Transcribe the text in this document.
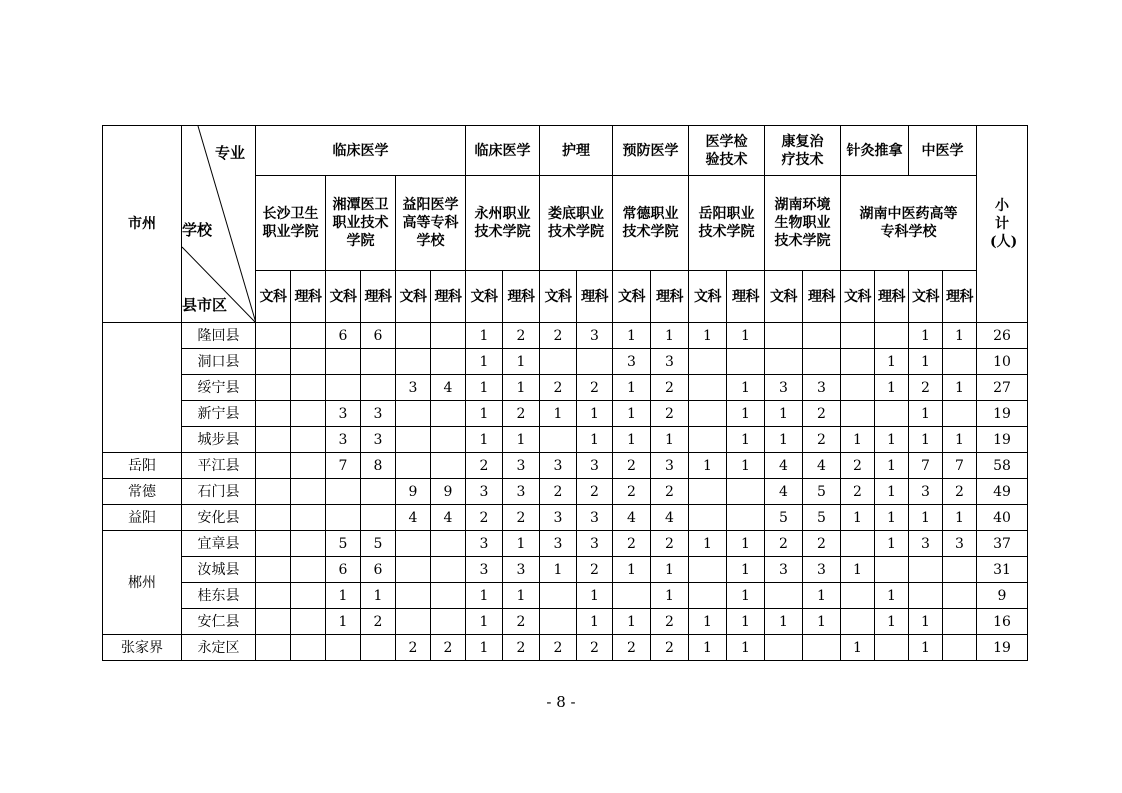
市州	专业
学校
县市区	临床医学						临床医学		护理		预防医学		医学检验技术		康复治疗技术		针灸推拿		中医学		小计(人)
		长沙卫生职业学院		湘潭医卫职业技术学院		益阳医学高等专科学校		永州职业技术学院		娄底职业技术学院		常德职业技术学院		岳阳职业技术学院		湖南环境生物职业技术学院		湖南中医药高等专科学校				
		文科	理科	文科	理科	文科	理科	文科	理科	文科	理科	文科	理科	文科	理科	文科	理科	文科	理科	文科	理科	
	隆回县			6	6			1	2	2	3	1	1	1	1					1	1	26
	洞口县							1	1			3	3						1	1		10
	绥宁县					3	4	1	1	2	2	1	2		1	3	3		1	2	1	27
	新宁县			3	3			1	2	1	1	1	2		1	1	2			1		19
	城步县			3	3			1	1		1	1	1		1	1	2	1	1	1	1	19
岳阳	平江县			7	8			2	3	3	3	2	3	1	1	4	4	2	1	7	7	58
常德	石门县					9	9	3	3	2	2	2	2			4	5	2	1	3	2	49
益阳	安化县					4	4	2	2	3	3	4	4			5	5	1	1	1	1	40
郴州	宜章县			5	5			3	1	3	3	2	2	1	1	2	2		1	3	3	37
	汝城县			6	6			3	3	1	2	1	1		1	3	3	1				31
	桂东县			1	1			1	1		1		1		1		1		1			9
	安仁县			1	2			1	2		1	1	2	1	1	1	1		1	1		16
张家界	永定区					2	2	1	2	2	2	2	2	1	1			1		1		19
- 8 -
